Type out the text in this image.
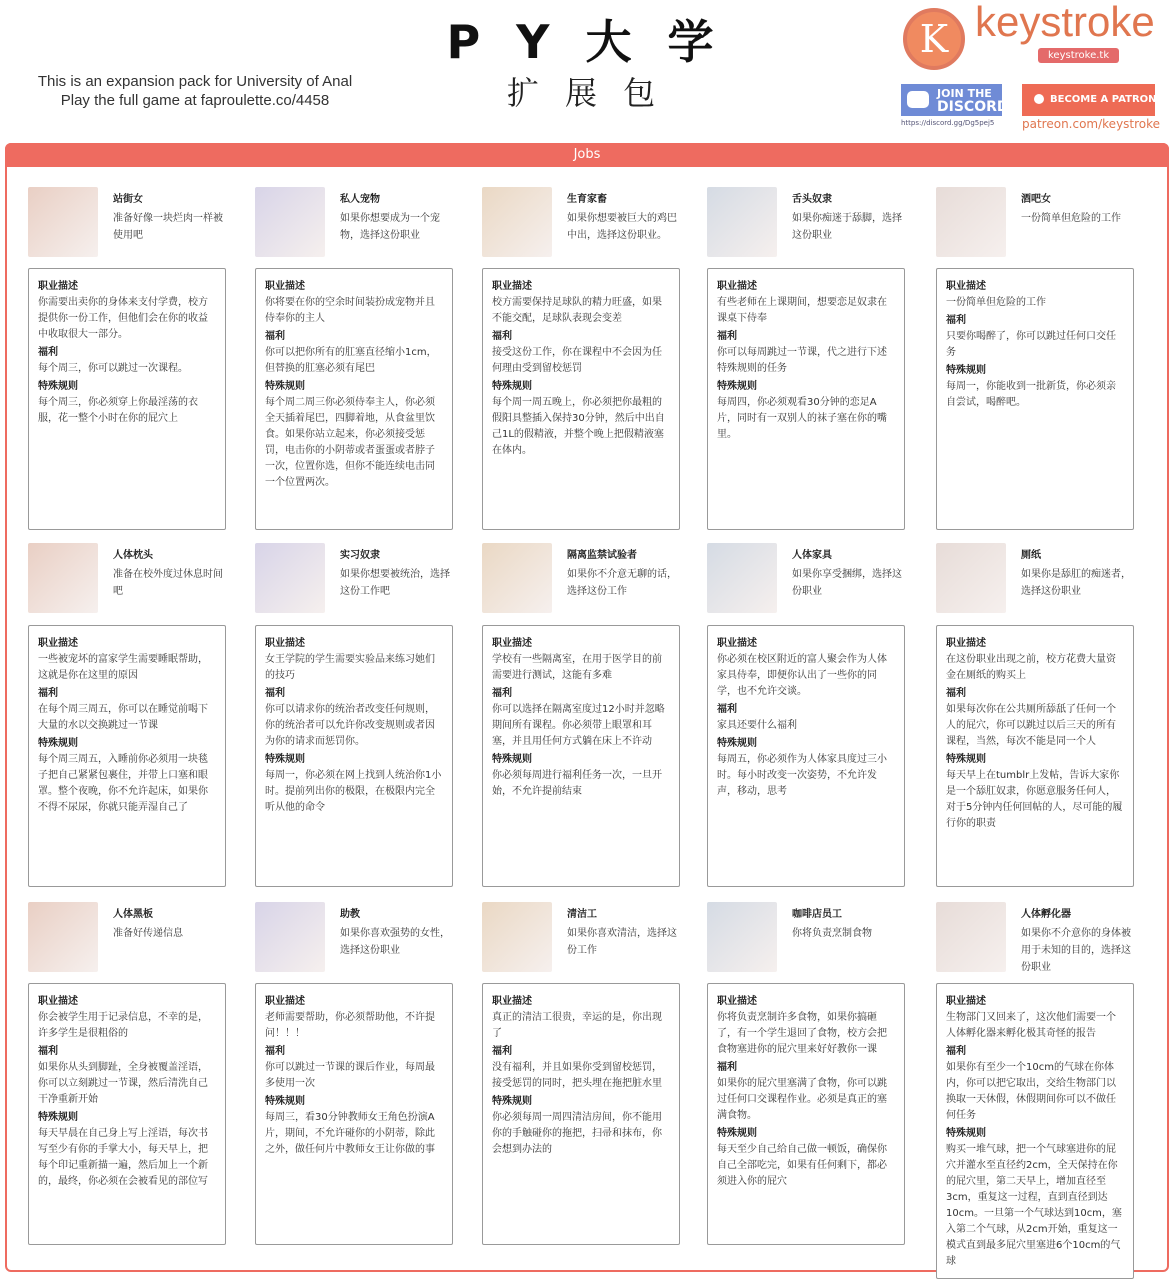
This is an expansion pack for University of Anal
Play the full game at faproulette.co/4458
P Y 大 学
扩 展 包
K keystroke
keystroke.tk
JOIN THE
DISCORD
https://discord.gg/Dg5pej5
BECOME A PATRON
patreon.com/keystroke
Jobs
站街女
准备好像一块烂肉一样被使用吧
职业描述
你需要出卖你的身体来支付学费，校方提供你一份工作，但他们会在你的收益中收取很大一部分。
福利
每个周三，你可以跳过一次课程。
特殊规则
每个周三，你必须穿上你最淫荡的衣服，花一整个小时在你的屁穴上
私人宠物
如果你想要成为一个宠物，选择这份职业
职业描述
你将要在你的空余时间装扮成宠物并且侍奉你的主人
福利
你可以把你所有的肛塞直径缩小1cm，但替换的肛塞必须有尾巴
特殊规则
每个周二周三你必须侍奉主人，你必须全天插着尾巴，四脚着地，从食盆里饮食。如果你站立起来，你必须接受惩罚，电击你的小阴蒂或者蛋蛋或者脖子一次，位置你选，但你不能连续电击同一个位置两次。
生育家畜
如果你想要被巨大的鸡巴中出，选择这份职业。
职业描述
校方需要保持足球队的精力旺盛，如果不能交配，足球队表现会变差
福利
接受这份工作，你在课程中不会因为任何理由受到留校惩罚
特殊规则
每个周一周五晚上，你必须把你最粗的假阳具整插入保持30分钟，然后中出自己1L的假精液，并整个晚上把假精液塞在体内。
舌头奴隶
如果你痴迷于舔脚，选择这份职业
职业描述
有些老师在上课期间，想要恋足奴隶在课桌下侍奉
福利
你可以每周跳过一节课，代之进行下述特殊规则的任务
特殊规则
每周四，你必须观看30分钟的恋足A片，同时有一双别人的袜子塞在你的嘴里。
酒吧女
一份简单但危险的工作
职业描述
一份简单但危险的工作
福利
只要你喝醉了，你可以跳过任何口交任务
特殊规则
每周一，你能收到一批新货，你必须亲自尝试，喝醉吧。
人体枕头
准备在校外度过休息时间吧
职业描述
一些被宠坏的富家学生需要睡眠帮助，这就是你在这里的原因
福利
在每个周三周五，你可以在睡觉前喝下大量的水以交换跳过一节课
特殊规则
每个周三周五，入睡前你必须用一块毯子把自己紧紧包裹住，并带上口塞和眼罩。整个夜晚，你不允许起床，如果你不得不尿尿，你就只能弄湿自己了
实习奴隶
如果你想要被统治，选择这份工作吧
职业描述
女王学院的学生需要实验品来练习她们的技巧
福利
你可以请求你的统治者改变任何规则，你的统治者可以允许你改变规则或者因为你的请求而惩罚你。
特殊规则
每周一，你必须在网上找到人统治你1小时。提前列出你的极限，在极限内完全听从他的命令
隔离监禁试验者
如果你不介意无聊的话，选择这份工作
职业描述
学校有一些隔离室，在用于医学目的前需要进行测试，这能有多难
福利
你可以选择在隔离室度过12小时并忽略期间所有课程。你必须带上眼罩和耳塞，并且用任何方式躺在床上不许动
特殊规则
你必须每周进行福利任务一次，一旦开始，不允许提前结束
人体家具
如果你享受捆绑，选择这份职业
职业描述
你必须在校区附近的富人聚会作为人体家具侍奉，即便你认出了一些你的同学，也不允许交谈。
福利
家具还要什么福利
特殊规则
每周五，你必须作为人体家具度过三小时。每小时改变一次姿势，不允许发声，移动，思考
厕纸
如果你是舔肛的痴迷者，选择这份职业
职业描述
在这份职业出现之前，校方花费大量资金在厕纸的购买上
福利
如果每次你在公共厕所舔舐了任何一个人的屁穴，你可以跳过以后三天的所有课程，当然，每次不能是同一个人
特殊规则
每天早上在tumblr上发帖，告诉大家你是一个舔肛奴隶，你愿意服务任何人，对于5分钟内任何回帖的人，尽可能的履行你的职责
人体黑板
准备好传递信息
职业描述
你会被学生用于记录信息，不幸的是，许多学生是很粗俗的
福利
如果你从头到脚趾，全身被覆盖淫语，你可以立刻跳过一节课，然后清洗自己干净重新开始
特殊规则
每天早晨在自己身上写上淫语，每次书写至少有你的手掌大小，每天早上，把每个印记重新描一遍，然后加上一个新的，最终，你必须在会被看见的部位写
助教
如果你喜欢强势的女性，选择这份职业
职业描述
老师需要帮助，你必须帮助他，不许提问！！！
福利
你可以跳过一节课的课后作业，每周最多使用一次
特殊规则
每周三，看30分钟教师女王角色扮演A片，期间，不允许碰你的小阴蒂，除此之外，做任何片中教师女王让你做的事
清洁工
如果你喜欢清洁，选择这份工作
职业描述
真正的清洁工很贵，幸运的是，你出现了
福利
没有福利，并且如果你受到留校惩罚，接受惩罚的同时，把头埋在拖把脏水里
特殊规则
你必须每周一周四清洁房间，你不能用你的手触碰你的拖把，扫帚和抹布，你会想到办法的
咖啡店员工
你将负责烹制食物
职业描述
你将负责烹制许多食物，如果你搞砸了，有一个学生退回了食物，校方会把食物塞进你的屁穴里来好好教你一课
福利
如果你的屁穴里塞满了食物，你可以跳过任何口交课程作业。必须是真正的塞满食物。
特殊规则
每天至少自己给自己做一顿饭，确保你自己全部吃完，如果有任何剩下，都必须进入你的屁穴
人体孵化器
如果你不介意你的身体被用于未知的目的，选择这份职业
职业描述
生物部门又回来了，这次他们需要一个人体孵化器来孵化极其奇怪的报告
福利
如果你有至少一个10cm的气球在你体内，你可以把它取出，交给生物部门以换取一天休假，休假期间你可以不做任何任务
特殊规则
购买一堆气球，把一个气球塞进你的屁穴并灌水至直径约2cm，全天保持在你的屁穴里，第二天早上，增加直径至3cm，重复这一过程，直到直径到达10cm。一旦第一个气球达到10cm，塞入第二个气球，从2cm开始，重复这一模式直到最多屁穴里塞进6个10cm的气球
